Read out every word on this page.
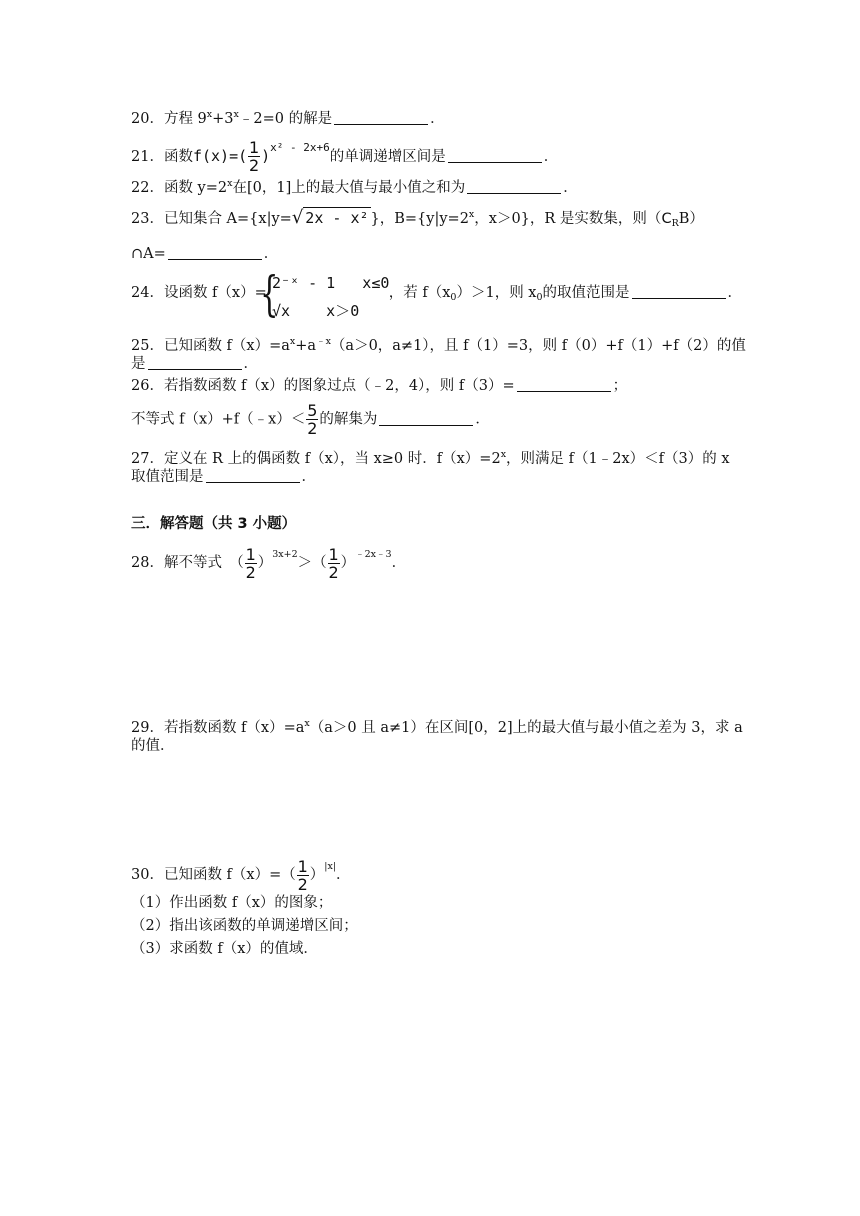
20．方程 $9^x+3^x﹣2=0$ 的解是	．
21．函数$f(x)=( \frac{1}{2} )^{x^2 - 2x+6}$的单调递增区间是	．
22．函数 $y=2^x$在[0，1]上的最大值与最小值之和为	．
23．已知集合 A={x|y=√ 2x - x² }，$B=\{y|y=2^x$，x＞0}，R 是实数集，则$(C_RB)$
∩A=	．
24．设函数 f（x）=	，若 $f(x_0)>1$，则 $x_0$的取值范围是	．
{
2⁻ˣ - 1   x≤0
√x    x＞0
25．已知函数 $f(x)=a^x+a^{﹣x}(a>0$，a≠1），且 f（1）=3，则 f（0）+f（1）+f（2）的值
是	．
26．若指数函数 f（x）的图象过点（﹣2，4），则 f（3）=	；
不等式 f（x）+f（﹣x）＜ $\frac{5}{2}$ 的解集为	．
27．定义在 R 上的偶函数 f（x），当 x≥0 时．$f(x)=2^x$，则满足 f（1﹣2x）＜f（3）的 x
取值范围是	．
三．解答题（共 3 小题）
28．解不等式　（ $\frac{1}{2} )^{3x+2}>( \frac{1}{2} )^{﹣2x﹣3}$．
29．若指数函数 $f(x)=a^x(a>0$ 且 a≠1）在区间[0，2]上的最大值与最小值之差为 3，求 a
的值．
30．已知函数 $f(x)=( \frac{1}{2} )^{|x|}$．
（1）作出函数 f（x）的图象；
（2）指出该函数的单调递增区间；
（3）求函数 f（x）的值域．
